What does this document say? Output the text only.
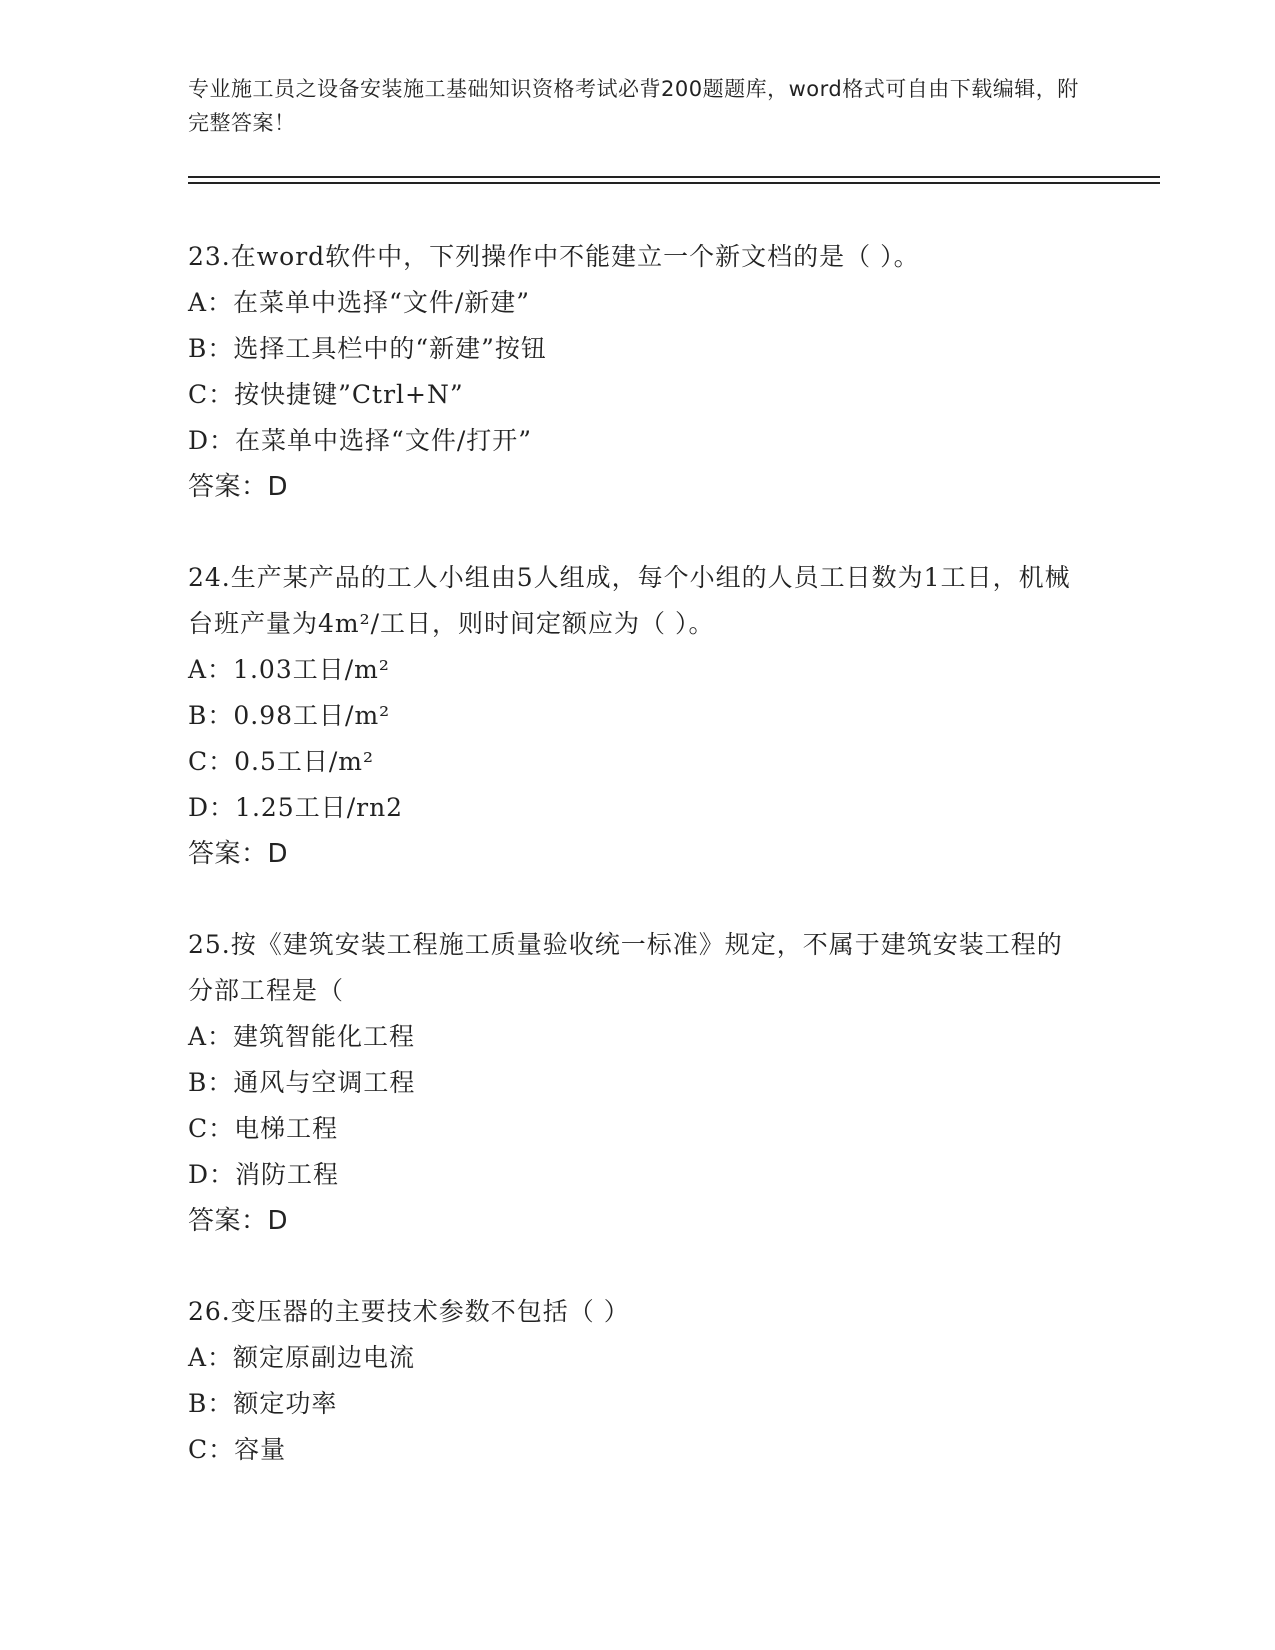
专业施工员之设备安装施工基础知识资格考试必背200题题库，word格式可自由下载编辑，附完整答案！
23.在word软件中，下列操作中不能建立一个新文档的是（ ）。
A：在菜单中选择“文件/新建”
B：选择工具栏中的“新建”按钮
C：按快捷键”Ctrl+N”
D：在菜单中选择“文件/打开”
答案：D
24.生产某产品的工人小组由5人组成，每个小组的人员工日数为1工日，机械台班产量为4m²/工日，则时间定额应为（ ）。
A：1.03工日/m²
B：0.98工日/m²
C：0.5工日/m²
D：1.25工日/rn2
答案：D
25.按《建筑安装工程施工质量验收统一标准》规定，不属于建筑安装工程的分部工程是（
A：建筑智能化工程
B：通风与空调工程
C：电梯工程
D：消防工程
答案：D
26.变压器的主要技术参数不包括（ ）
A：额定原副边电流
B：额定功率
C：容量
